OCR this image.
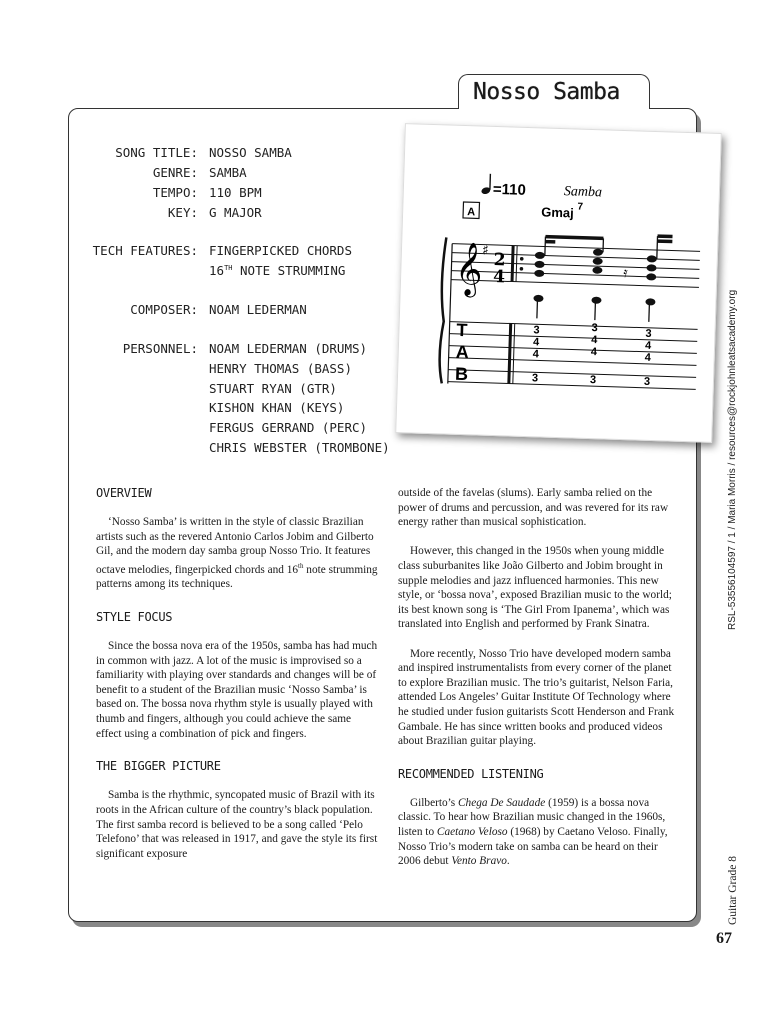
Nosso Samba
SONG TITLE: NOSSO SAMBA
GENRE: SAMBA
TEMPO: 110 BPM
KEY: G MAJOR
TECH FEATURES: FINGERPICKED CHORDS
16TH NOTE STRUMMING
COMPOSER: NOAM LEDERMAN
PERSONNEL: NOAM LEDERMAN (DRUMS)
HENRY THOMAS (BASS)
STUART RYAN (GTR)
KISHON KHAN (KEYS)
FERGUS GERRAND (PERC)
CHRIS WEBSTER (TROMBONE)
=110	Samba
Gmaj 7
A
𝄞
♯ 2
4	𝄿
T
A
B
3
4
4
3
3
4
4
3
3
4
4
3
OVERVIEW

‘Nosso Samba’ is written in the style of classic Brazilian artists such as the revered Antonio Carlos Jobim and Gilberto Gil, and the modern day samba group Nosso Trio. It features octave melodies, fingerpicked chords and 16th note strumming patterns among its techniques.

STYLE FOCUS

Since the bossa nova era of the 1950s, samba has had much in common with jazz. A lot of the music is improvised so a familiarity with playing over standards and changes will be of benefit to a student of the Brazilian music ‘Nosso Samba’ is based on. The bossa nova rhythm style is usually played with thumb and fingers, although you could achieve the same effect using a combination of pick and fingers.

THE BIGGER PICTURE

Samba is the rhythmic, syncopated music of Brazil with its roots in the African culture of the country’s black population. The first samba record is believed to be a song called ‘Pelo Telefono’ that was released in 1917, and gave the style its first significant exposure

outside of the favelas (slums). Early samba relied on the power of drums and percussion, and was revered for its raw energy rather than musical sophistication.

However, this changed in the 1950s when young middle class suburbanites like João Gilberto and Jobim brought in supple melodies and jazz influenced harmonies. This new style, or ‘bossa nova’, exposed Brazilian music to the world; its best known song is ‘The Girl From Ipanema’, which was translated into English and performed by Frank Sinatra.

More recently, Nosso Trio have developed modern samba and inspired instrumentalists from every corner of the planet to explore Brazilian music. The trio’s guitarist, Nelson Faria, attended Los Angeles’ Guitar Institute Of Technology where he studied under fusion guitarists Scott Henderson and Frank Gambale. He has since written books and produced videos about Brazilian guitar playing.

RECOMMENDED LISTENING

Gilberto’s Chega De Saudade (1959) is a bossa nova classic. To hear how Brazilian music changed in the 1960s, listen to Caetano Veloso (1968) by Caetano Veloso. Finally, Nosso Trio’s modern take on samba can be heard on their 2006 debut Vento Bravo.

RSL-53556104597 / 1 / Maria Morris / resources@rockjohnleatsacademy.org
Guitar Grade 8
67
